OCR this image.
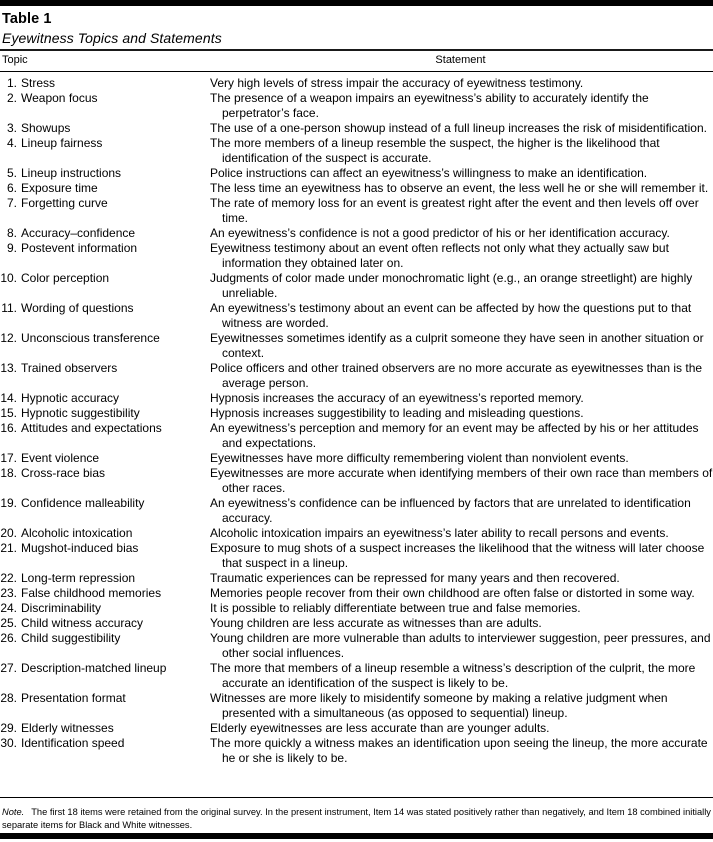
Table 1
Eyewitness Topics and Statements
Topic	Statement
1. Stress	Very high levels of stress impair the accuracy of eyewitness testimony.
2. Weapon focus	The presence of a weapon impairs an eyewitness’s ability to accurately identify the perpetrator’s face.
3. Showups	The use of a one-person showup instead of a full lineup increases the risk of misidentification.
4. Lineup fairness	The more members of a lineup resemble the suspect, the higher is the likelihood that identification of the suspect is accurate.
5. Lineup instructions	Police instructions can affect an eyewitness’s willingness to make an identification.
6. Exposure time	The less time an eyewitness has to observe an event, the less well he or she will remember it.
7. Forgetting curve	The rate of memory loss for an event is greatest right after the event and then levels off over time.
8. Accuracy–confidence	An eyewitness’s confidence is not a good predictor of his or her identification accuracy.
9. Postevent information	Eyewitness testimony about an event often reflects not only what they actually saw but information they obtained later on.
10. Color perception	Judgments of color made under monochromatic light (e.g., an orange streetlight) are highly unreliable.
11. Wording of questions	An eyewitness’s testimony about an event can be affected by how the questions put to that witness are worded.
12. Unconscious transference	Eyewitnesses sometimes identify as a culprit someone they have seen in another situation or context.
13. Trained observers	Police officers and other trained observers are no more accurate as eyewitnesses than is the average person.
14. Hypnotic accuracy	Hypnosis increases the accuracy of an eyewitness’s reported memory.
15. Hypnotic suggestibility	Hypnosis increases suggestibility to leading and misleading questions.
16. Attitudes and expectations	An eyewitness’s perception and memory for an event may be affected by his or her attitudes and expectations.
17. Event violence	Eyewitnesses have more difficulty remembering violent than nonviolent events.
18. Cross-race bias	Eyewitnesses are more accurate when identifying members of their own race than members of other races.
19. Confidence malleability	An eyewitness’s confidence can be influenced by factors that are unrelated to identification accuracy.
20. Alcoholic intoxication	Alcoholic intoxication impairs an eyewitness’s later ability to recall persons and events.
21. Mugshot-induced bias	Exposure to mug shots of a suspect increases the likelihood that the witness will later choose that suspect in a lineup.
22. Long-term repression	Traumatic experiences can be repressed for many years and then recovered.
23. False childhood memories	Memories people recover from their own childhood are often false or distorted in some way.
24. Discriminability	It is possible to reliably differentiate between true and false memories.
25. Child witness accuracy	Young children are less accurate as witnesses than are adults.
26. Child suggestibility	Young children are more vulnerable than adults to interviewer suggestion, peer pressures, and other social influences.
27. Description-matched lineup	The more that members of a lineup resemble a witness’s description of the culprit, the more accurate an identification of the suspect is likely to be.
28. Presentation format	Witnesses are more likely to misidentify someone by making a relative judgment when presented with a simultaneous (as opposed to sequential) lineup.
29. Elderly witnesses	Elderly eyewitnesses are less accurate than are younger adults.
30. Identification speed	The more quickly a witness makes an identification upon seeing the lineup, the more accurate he or she is likely to be.
Note. The first 18 items were retained from the original survey. In the present instrument, Item 14 was stated positively rather than negatively, and Item 18 combined initially separate items for Black and White witnesses.
